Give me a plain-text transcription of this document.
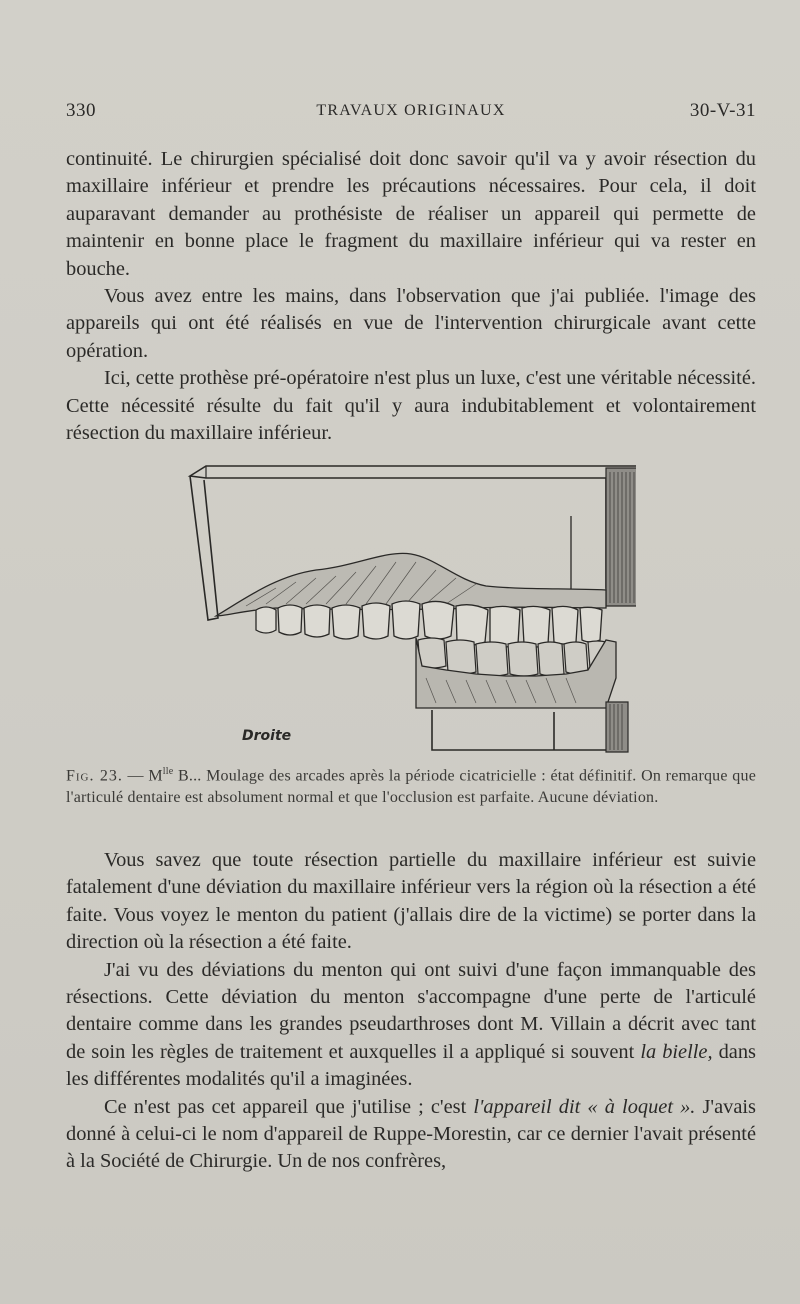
330	TRAVAUX ORIGINAUX	30-V-31

continuité. Le chirurgien spécialisé doit donc savoir qu'il va y avoir résection du maxillaire inférieur et prendre les précautions nécessaires. Pour cela, il doit auparavant demander au prothésiste de réaliser un appareil qui permette de maintenir en bonne place le fragment du maxillaire inférieur qui va rester en bouche.

Vous avez entre les mains, dans l'observation que j'ai publiée. l'image des appareils qui ont été réalisés en vue de l'intervention chirurgicale avant cette opération.

Ici, cette prothèse pré-opératoire n'est plus un luxe, c'est une véritable nécessité. Cette nécessité résulte du fait qu'il y aura indubitablement et volontairement résection du maxillaire inférieur.

Droite
Fig. 23. — $M^{lle}$ B... Moulage des arcades après la période cicatricielle : état définitif. On remarque que l'articulé dentaire est absolument normal et que l'occlusion est parfaite. Aucune déviation.

Vous savez que toute résection partielle du maxillaire inférieur est suivie fatalement d'une déviation du maxillaire inférieur vers la région où la résection a été faite. Vous voyez le menton du patient (j'allais dire de la victime) se porter dans la direction où la résection a été faite.

J'ai vu des déviations du menton qui ont suivi d'une façon immanquable des résections. Cette déviation du menton s'accompagne d'une perte de l'articulé dentaire comme dans les grandes pseudarthroses dont M. Villain a décrit avec tant de soin les règles de traitement et auxquelles il a appliqué si souvent la bielle, dans les différentes modalités qu'il a imaginées.

Ce n'est pas cet appareil que j'utilise ; c'est l'appareil dit « à loquet ». J'avais donné à celui-ci le nom d'appareil de Ruppe-Morestin, car ce dernier l'avait présenté à la Société de Chirurgie. Un de nos confrères,
